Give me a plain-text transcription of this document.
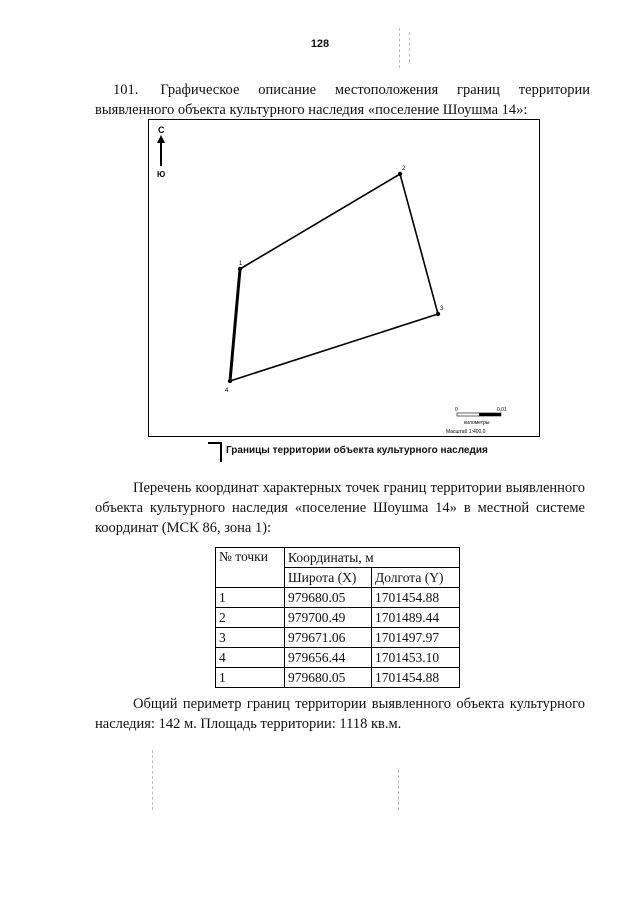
128
101. Графическое описание местоположения границ территории выявленного объекта культурного наследия «поселение Шоушма 14»:
С
Ю
1
2
3
4
0	0,01
километры
Масштаб 1:400,0
Границы территории объекта культурного наследия
Перечень координат характерных точек границ территории выявленного объекта культурного наследия «поселение Шоушма 14» в местной системе координат (МСК 86, зона 1):
№ точки	Координаты, м	
	Широта (X)	Долгота (Y)
1	979680.05	1701454.88
2	979700.49	1701489.44
3	979671.06	1701497.97
4	979656.44	1701453.10
1	979680.05	1701454.88
Общий периметр границ территории выявленного объекта культурного наследия: 142 м. Площадь территории: 1118 кв.м.
